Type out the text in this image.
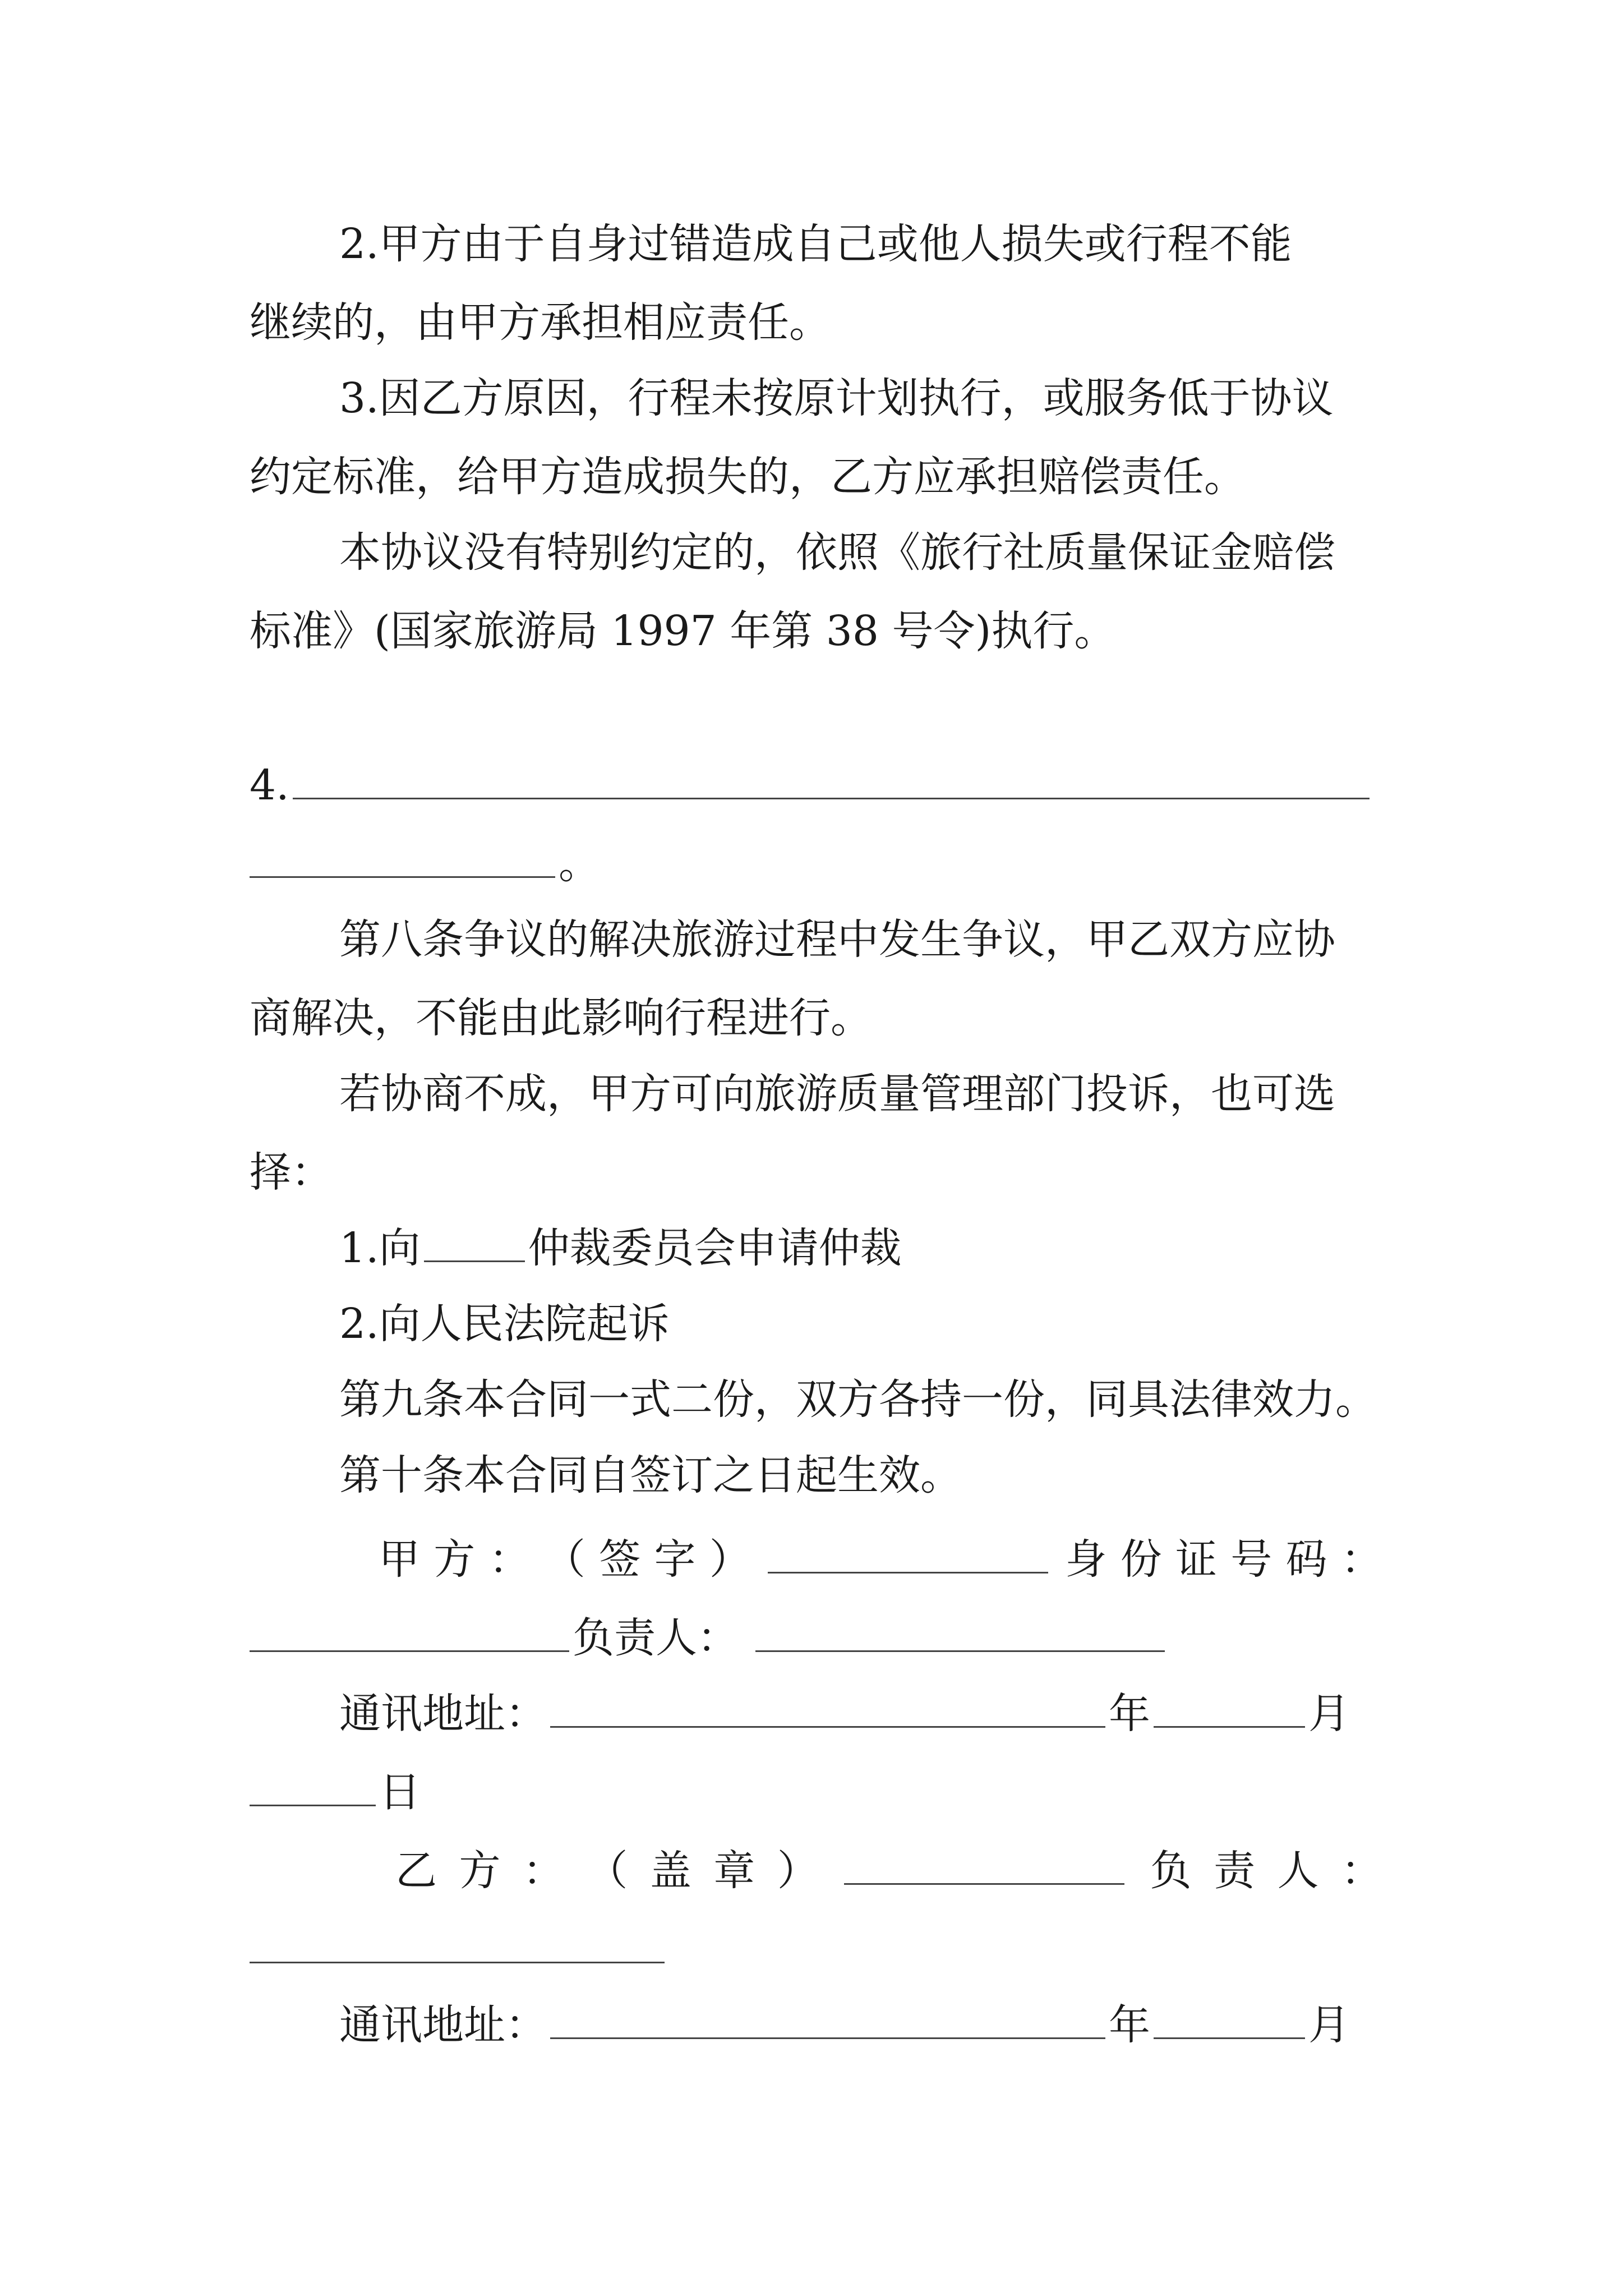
2.甲方由于自身过错造成自己或他人损失或行程不能
继续的，由甲方承担相应责任。
3.因乙方原因，行程未按原计划执行，或服务低于协议
约定标准，给甲方造成损失的，乙方应承担赔偿责任。
本协议没有特别约定的，依照《旅行社质量保证金赔偿
标准》(国家旅游局 1997 年第 38 号令)执行。
4.
。
第八条争议的解决旅游过程中发生争议，甲乙双方应协
商解决，不能由此影响行程进行。
若协商不成，甲方可向旅游质量管理部门投诉，也可选
择：
1.向	仲裁委员会申请仲裁
2.向人民法院起诉
第九条本合同一式二份，双方各持一份，同具法律效力。
第十条本合同自签订之日起生效。
甲 方 ： （ 签 字 ）	身 份 证 号 码 ：
负责人：
通讯地址：	年	月
日
乙 方 ： （ 盖 章 ）	负 责 人 ：
通讯地址：	年	月
